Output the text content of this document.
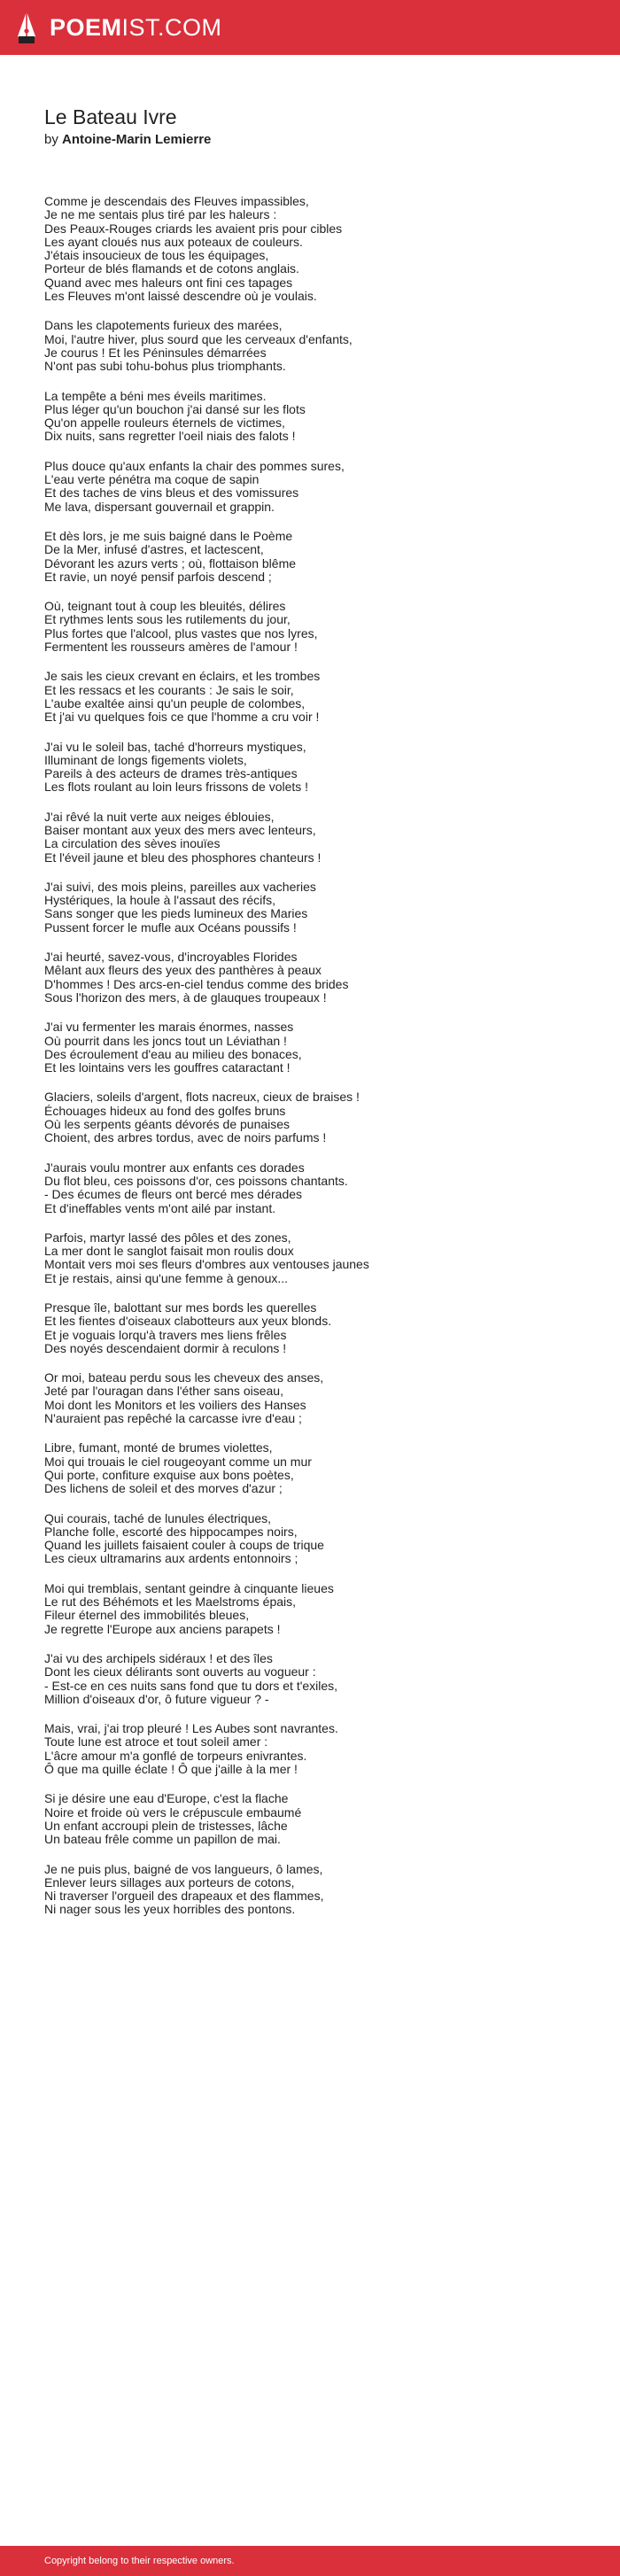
POEM IST.COM
Le Bateau Ivre
by Antoine-Marin Lemierre
Comme je descendais des Fleuves impassibles,
Je ne me sentais plus tiré par les haleurs :
Des Peaux-Rouges criards les avaient pris pour cibles
Les ayant cloués nus aux poteaux de couleurs.
J'étais insoucieux de tous les équipages,
Porteur de blés flamands et de cotons anglais.
Quand avec mes haleurs ont fini ces tapages
Les Fleuves m'ont laissé descendre où je voulais.
Dans les clapotements furieux des marées,
Moi, l'autre hiver, plus sourd que les cerveaux d'enfants,
Je courus ! Et les Péninsules démarrées
N'ont pas subi tohu-bohus plus triomphants.
La tempête a béni mes éveils maritimes.
Plus léger qu'un bouchon j'ai dansé sur les flots
Qu'on appelle rouleurs éternels de victimes,
Dix nuits, sans regretter l'oeil niais des falots !
Plus douce qu'aux enfants la chair des pommes sures,
L'eau verte pénétra ma coque de sapin
Et des taches de vins bleus et des vomissures
Me lava, dispersant gouvernail et grappin.
Et dès lors, je me suis baigné dans le Poème
De la Mer, infusé d'astres, et lactescent,
Dévorant les azurs verts ; où, flottaison blême
Et ravie, un noyé pensif parfois descend ;
Où, teignant tout à coup les bleuités, délires
Et rythmes lents sous les rutilements du jour,
Plus fortes que l'alcool, plus vastes que nos lyres,
Fermentent les rousseurs amères de l'amour !
Je sais les cieux crevant en éclairs, et les trombes
Et les ressacs et les courants : Je sais le soir,
L'aube exaltée ainsi qu'un peuple de colombes,
Et j'ai vu quelques fois ce que l'homme a cru voir !
J'ai vu le soleil bas, taché d'horreurs mystiques,
Illuminant de longs figements violets,
Pareils à des acteurs de drames très-antiques
Les flots roulant au loin leurs frissons de volets !
J'ai rêvé la nuit verte aux neiges éblouies,
Baiser montant aux yeux des mers avec lenteurs,
La circulation des sèves inouïes
Et l'éveil jaune et bleu des phosphores chanteurs !
J'ai suivi, des mois pleins, pareilles aux vacheries
Hystériques, la houle à l'assaut des récifs,
Sans songer que les pieds lumineux des Maries
Pussent forcer le mufle aux Océans poussifs !
J'ai heurté, savez-vous, d'incroyables Florides
Mêlant aux fleurs des yeux des panthères à peaux
D'hommes ! Des arcs-en-ciel tendus comme des brides
Sous l'horizon des mers, à de glauques troupeaux !
J'ai vu fermenter les marais énormes, nasses
Où pourrit dans les joncs tout un Léviathan !
Des écroulement d'eau au milieu des bonaces,
Et les lointains vers les gouffres cataractant !
Glaciers, soleils d'argent, flots nacreux, cieux de braises !
Échouages hideux au fond des golfes bruns
Où les serpents géants dévorés de punaises
Choient, des arbres tordus, avec de noirs parfums !
J'aurais voulu montrer aux enfants ces dorades
Du flot bleu, ces poissons d'or, ces poissons chantants.
- Des écumes de fleurs ont bercé mes dérades
Et d'ineffables vents m'ont ailé par instant.
Parfois, martyr lassé des pôles et des zones,
La mer dont le sanglot faisait mon roulis doux
Montait vers moi ses fleurs d'ombres aux ventouses jaunes
Et je restais, ainsi qu'une femme à genoux...
Presque île, balottant sur mes bords les querelles
Et les fientes d'oiseaux clabotteurs aux yeux blonds.
Et je voguais lorqu'à travers mes liens frêles
Des noyés descendaient dormir à reculons !
Or moi, bateau perdu sous les cheveux des anses,
Jeté par l'ouragan dans l'éther sans oiseau,
Moi dont les Monitors et les voiliers des Hanses
N'auraient pas repêché la carcasse ivre d'eau ;
Libre, fumant, monté de brumes violettes,
Moi qui trouais le ciel rougeoyant comme un mur
Qui porte, confiture exquise aux bons poètes,
Des lichens de soleil et des morves d'azur ;
Qui courais, taché de lunules électriques,
Planche folle, escorté des hippocampes noirs,
Quand les juillets faisaient couler à coups de trique
Les cieux ultramarins aux ardents entonnoirs ;
Moi qui tremblais, sentant geindre à cinquante lieues
Le rut des Béhémots et les Maelstroms épais,
Fileur éternel des immobilités bleues,
Je regrette l'Europe aux anciens parapets !
J'ai vu des archipels sidéraux ! et des îles
Dont les cieux délirants sont ouverts au vogueur :
- Est-ce en ces nuits sans fond que tu dors et t'exiles,
Million d'oiseaux d'or, ô future vigueur ? -
Mais, vrai, j'ai trop pleuré ! Les Aubes sont navrantes.
Toute lune est atroce et tout soleil amer :
L'âcre amour m'a gonflé de torpeurs enivrantes.
Ô que ma quille éclate ! Ô que j'aille à la mer !
Si je désire une eau d'Europe, c'est la flache
Noire et froide où vers le crépuscule embaumé
Un enfant accroupi plein de tristesses, lâche
Un bateau frêle comme un papillon de mai.
Je ne puis plus, baigné de vos langueurs, ô lames,
Enlever leurs sillages aux porteurs de cotons,
Ni traverser l'orgueil des drapeaux et des flammes,
Ni nager sous les yeux horribles des pontons.
Copyright belong to their respective owners.
